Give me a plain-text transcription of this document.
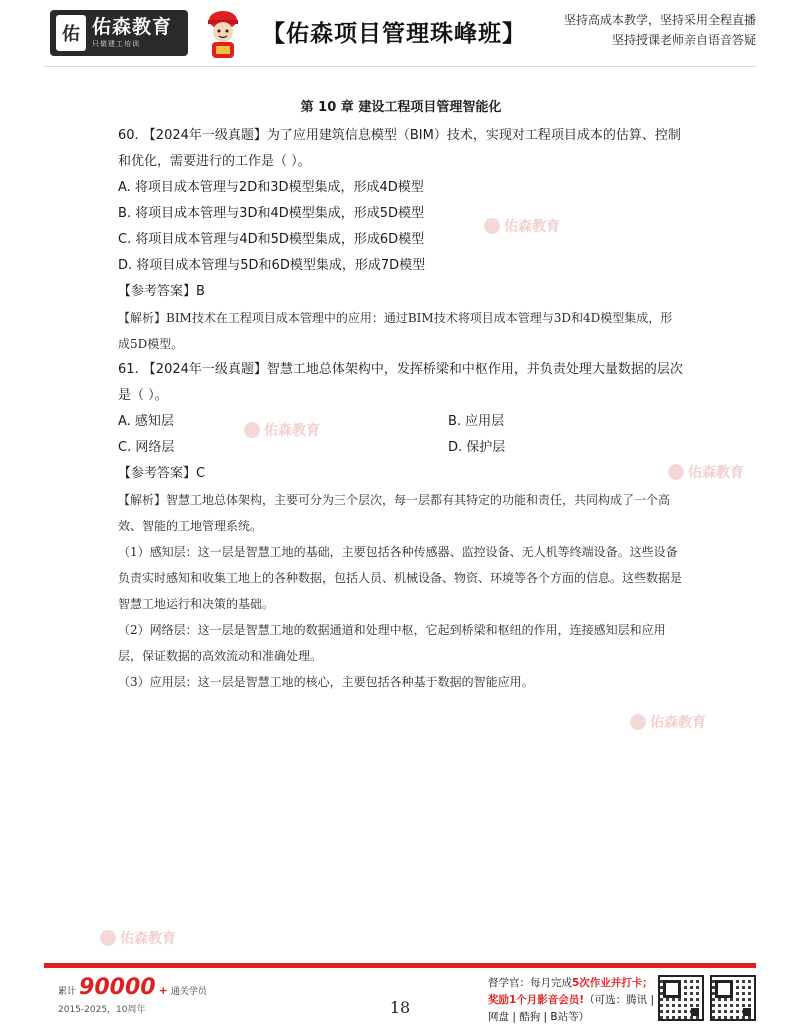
佑 佑森教育
只做建工培训	【佑森项目管理珠峰班】
坚持高成本教学，坚持采用全程直播
坚持授课老师亲自语音答疑
佑森教育
佑森教育
佑森教育
佑森教育
佑森教育
第 10 章 建设工程项目管理智能化
60. 【2024年一级真题】为了应用建筑信息模型（BIM）技术，实现对工程项目成本的估算、控制和优化，需要进行的工作是（ ）。
A. 将项目成本管理与2D和3D模型集成，形成4D模型
B. 将项目成本管理与3D和4D模型集成，形成5D模型
C. 将项目成本管理与4D和5D模型集成，形成6D模型
D. 将项目成本管理与5D和6D模型集成，形成7D模型
【参考答案】B
【解析】BIM技术在工程项目成本管理中的应用：通过BIM技术将项目成本管理与3D和4D模型集成，形成5D模型。
61. 【2024年一级真题】智慧工地总体架构中，发挥桥梁和中枢作用，并负责处理大量数据的层次是（ ）。
A. 感知层	B. 应用层
C. 网络层	D. 保护层
【参考答案】C
【解析】智慧工地总体架构，主要可分为三个层次，每一层都有其特定的功能和责任，共同构成了一个高效、智能的工地管理系统。
（1）感知层：这一层是智慧工地的基础，主要包括各种传感器、监控设备、无人机等终端设备。这些设备负责实时感知和收集工地上的各种数据，包括人员、机械设备、物资、环境等各个方面的信息。这些数据是智慧工地运行和决策的基础。
（2）网络层：这一层是智慧工地的数据通道和处理中枢，它起到桥梁和枢纽的作用，连接感知层和应用层，保证数据的高效流动和准确处理。
（3）应用层：这一层是智慧工地的核心，主要包括各种基于数据的智能应用。
累计 90000 + 通关学员
2015-2025，10周年	18
督学官：每月完成5次作业并打卡；
奖励1个月影音会员!（可选：腾讯 |
网盘 | 酷狗 | B站等）
